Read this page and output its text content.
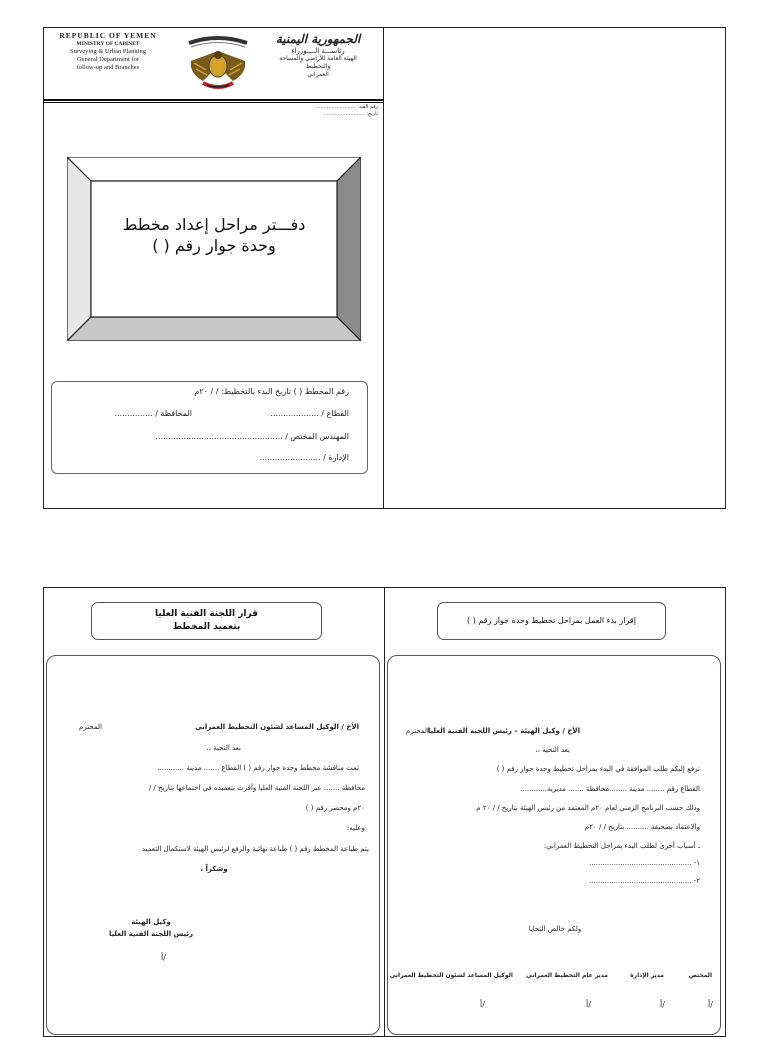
REPUBLIC OF YEMEN
MINISTRY OF CABINET
Surveying & Urban Planning
General Department for
follow-up and Branches
الجمهورية اليمنية
رئاســـة الــــوزراء
الهيئة العامة للأراضي والمساحة والتخطيط
العمراني
رقم القيد: ..........................
تاريخ: ..........................
دفـــتر مراحل إعداد مخطط
وحدة جوار رقم ( )
رقم المخطط ( ) تاريخ البدء بالتخطيط: / / ٢٠م
القطاع / ...................
المحافظة / ...............
المهندس المختص / ..................................................
الإدارة / ........................
قرار اللجنة الفنية العليا
بتعميد المخطط
إقرار بدء العمل بمراحل تخطيط وحدة جوار رقم ( )
الأخ / الوكيل المساعد لشئون التخطيط العمراني
المحترم
بعد التحية ،،
تمت مناقشة مخطط وحدة جوار رقم ( ) القطاع ....... مدينة ............
محافظة ....... عبر اللجنة الفنية العليا وأقرت بتعميده في اجتماعها بتاريخ / /
٢٠م ومحضر رقم ( )
وعليه:
يتم طباعة المخطط رقم ( ) طباعة نهائية والرفع لرئيس الهيئة لاستكمال التعميد
وشكراً ،
وكيل الهيئة
رئيس اللجنة الفنية العليا
أ/
الأخ / وكيل الهيئة – رئيس اللجنة الفنية العليا
المحترم
بعد التحية ،،
نرفع إليكم طلب الموافقة في البدء بمراحل تخطيط وحدة جوار رقم ( )
القطاع رقم ........ مدينة ........محافظة ....... مديرية............
وذلك حسب البرنامج الزمني لعام ٢٠م المعتمد من رئيس الهيئة بتاريخ / / ٢٠ م
والاعتماد بصحيفة .......... بتاريخ / / ٢٠م
ـ أسباب أخرى لطلب البدء بمراحل التخطيط العمراني:
١- ..............................................
٢- ..............................................
ولكم خالص التحايا
المختص
مدير الإدارة
مدير عام التخطيط العمراني
الوكيل المساعد لشئون التخطيط العمراني
أ/	أ/	أ/	أ/
